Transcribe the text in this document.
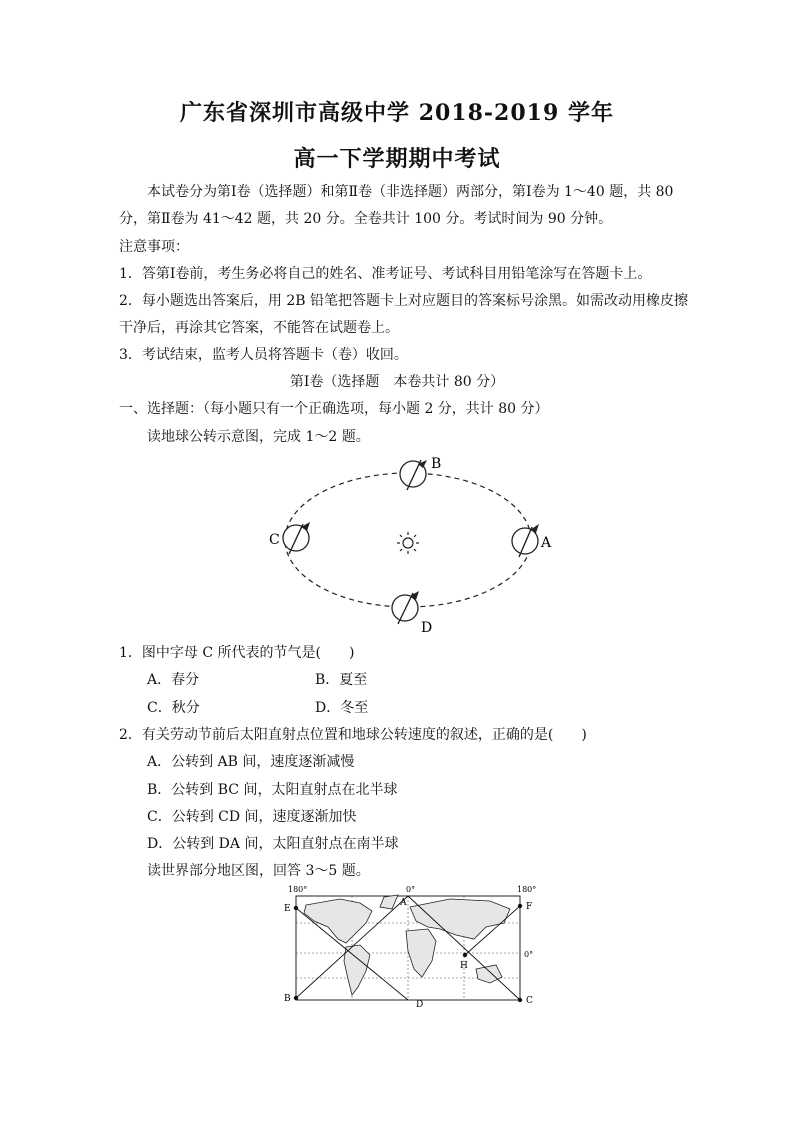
广东省深圳市高级中学 2018-2019 学年
高一下学期期中考试
本试卷分为第Ⅰ卷（选择题）和第Ⅱ卷（非选择题）两部分，第Ⅰ卷为 1～40 题，共 80
分，第Ⅱ卷为 41～42 题，共 20 分。全卷共计 100 分。考试时间为 90 分钟。
注意事项：
1．答第Ⅰ卷前，考生务必将自己的姓名、准考证号、考试科目用铅笔涂写在答题卡上。
2．每小题选出答案后，用 2B 铅笔把答题卡上对应题目的答案标号涂黑。如需改动用橡皮擦
干净后，再涂其它答案，不能答在试题卷上。
3．考试结束，监考人员将答题卡（卷）收回。
第Ⅰ卷（选择题　本卷共计 80 分）
一、选择题：（每小题只有一个正确选项，每小题 2 分，共计 80 分）
读地球公转示意图，完成 1～2 题。
B
C	A
D
1．图中字母 C 所代表的节气是(　　)
A．春分	B．夏至
C．秋分	D．冬至
2．有关劳动节前后太阳直射点位置和地球公转速度的叙述，正确的是(　　)
A．公转到 AB 间，速度逐渐减慢
B．公转到 BC 间，太阳直射点在北半球
C．公转到 CD 间，速度逐渐加快
D．公转到 DA 间，太阳直射点在南半球
读世界部分地区图，回答 3～5 题。
180°	0°	180°
0°
E
B
A
D
F
C
H
